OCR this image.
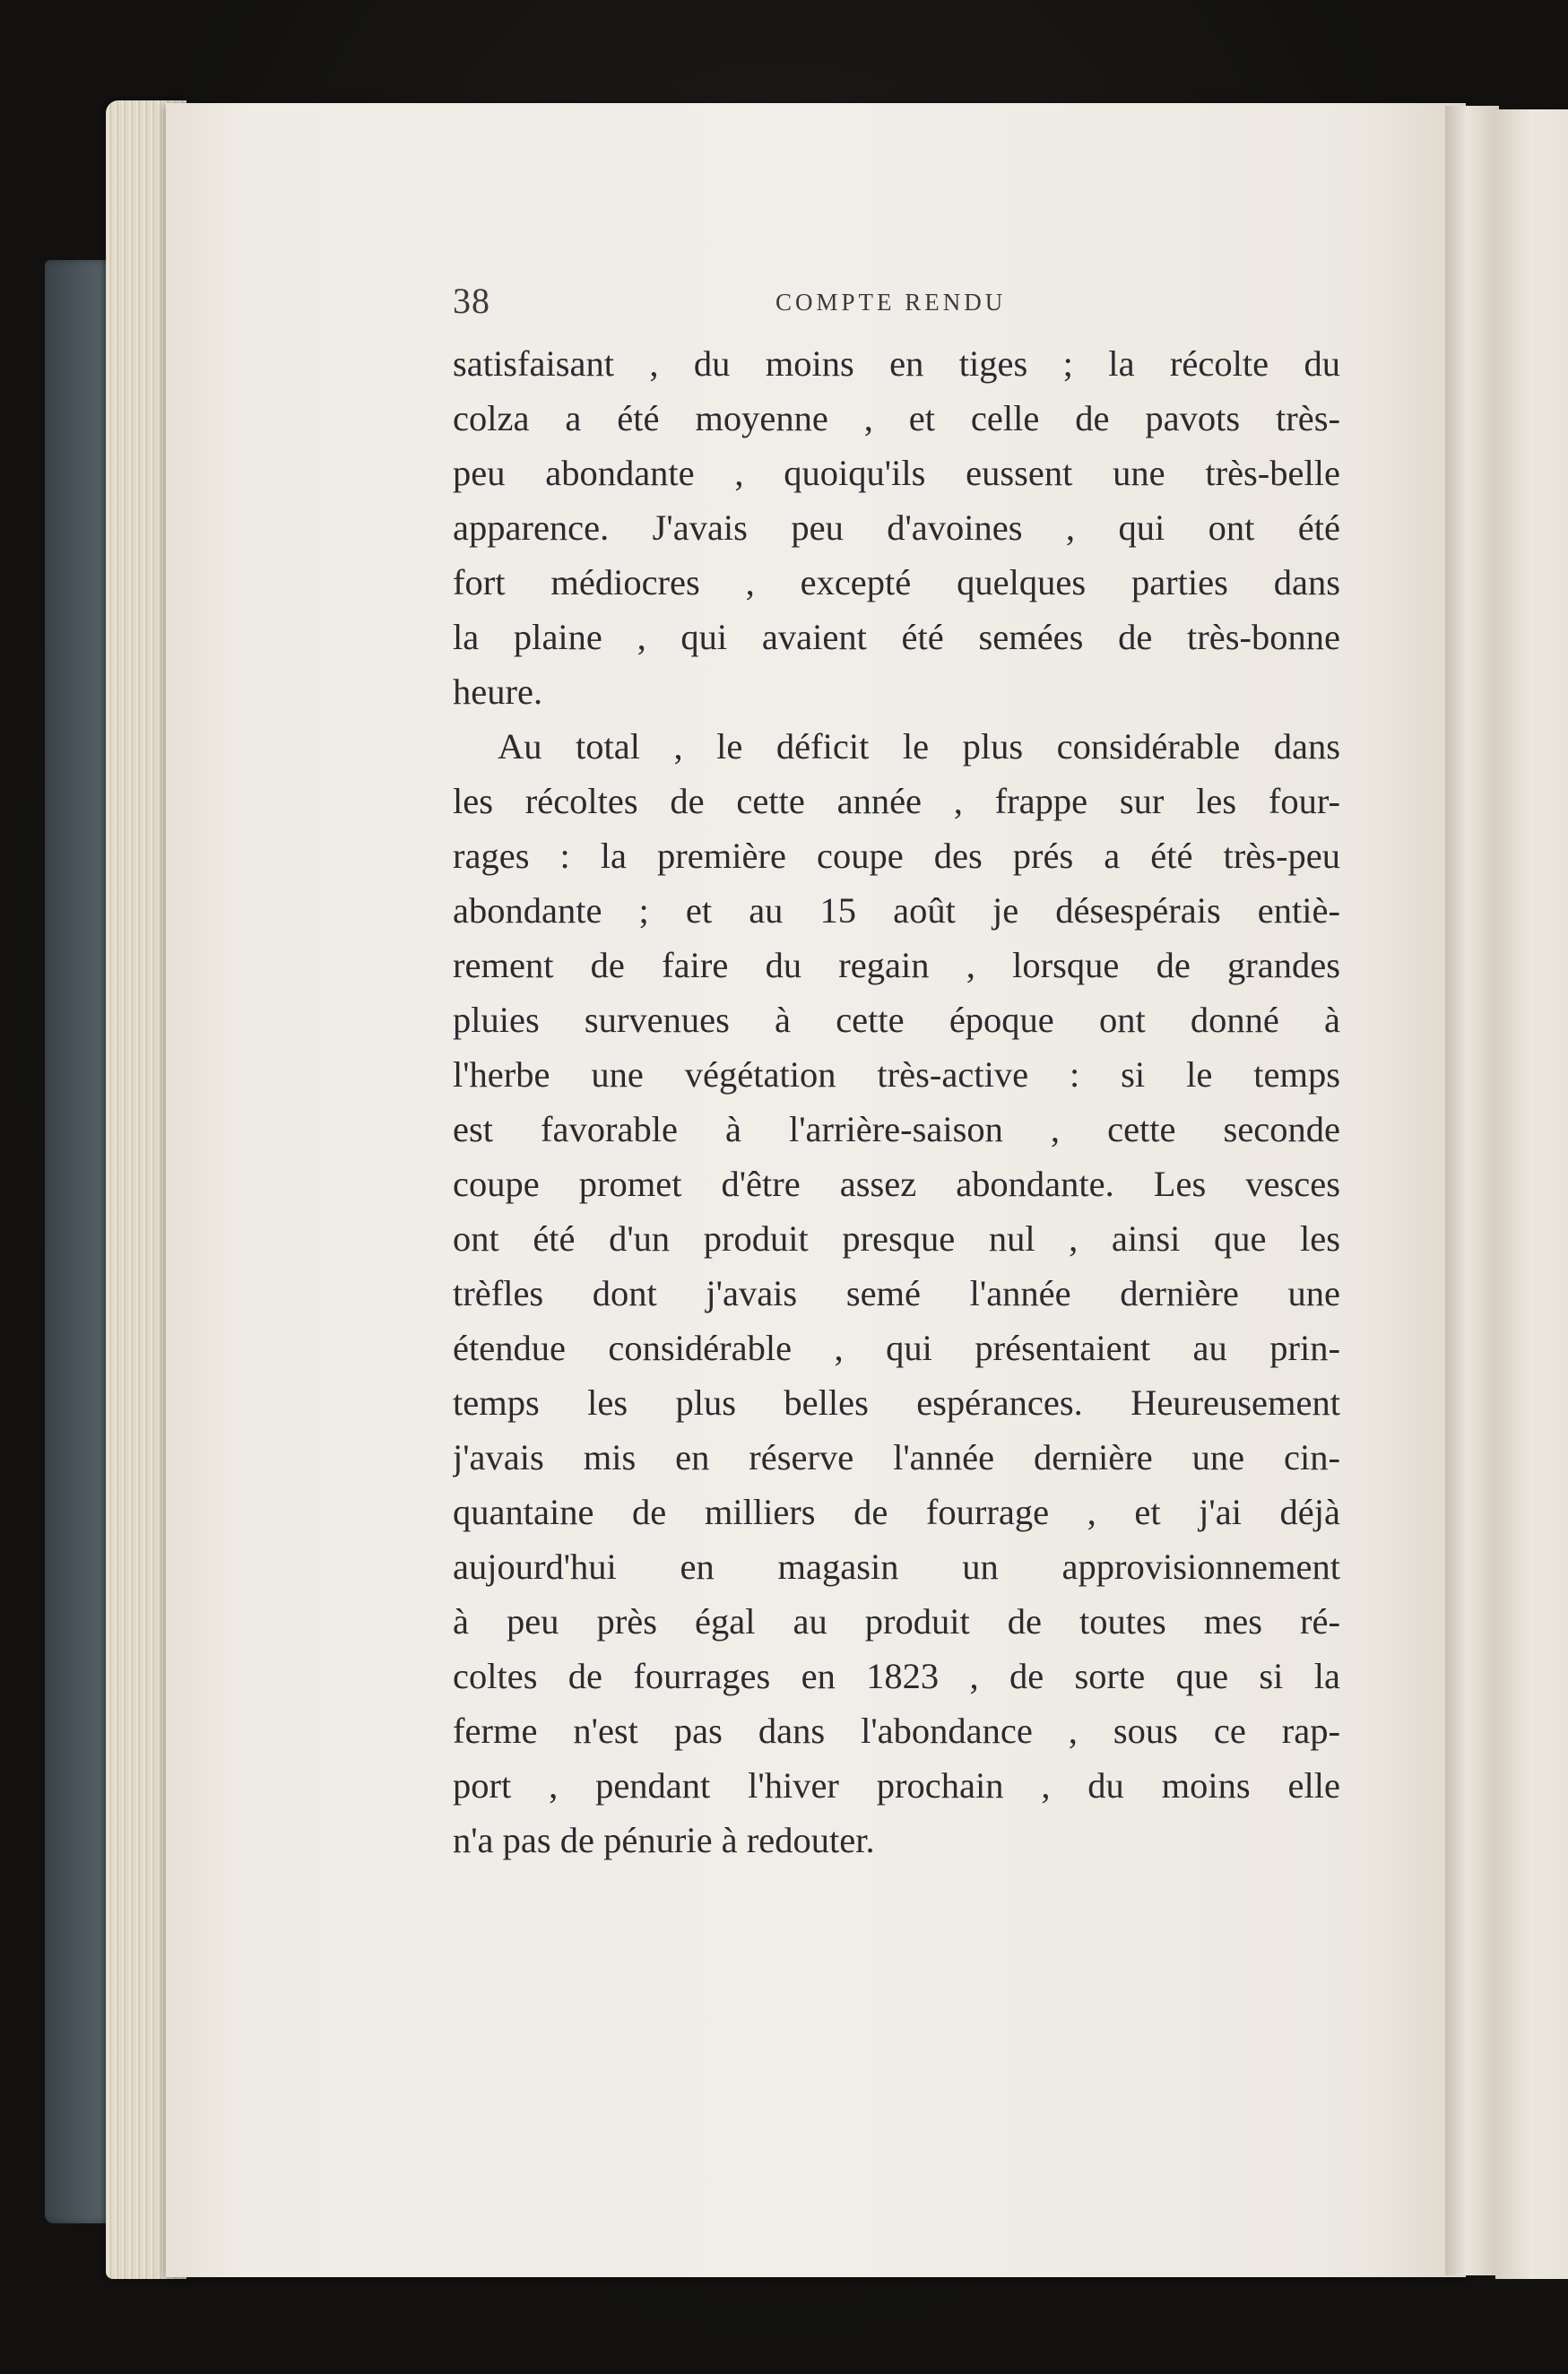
38	COMPTE RENDU
satisfaisant , du moins en tiges ; la récolte du
colza a été moyenne , et celle de pavots très-
peu abondante , quoiqu'ils eussent une très-belle
apparence. J'avais peu d'avoines , qui ont été
fort médiocres , excepté quelques parties dans
la plaine , qui avaient été semées de très-bonne
heure.
Au total , le déficit le plus considérable dans
les récoltes de cette année , frappe sur les four-
rages : la première coupe des prés a été très-peu
abondante ; et au 15 août je désespérais entiè-
rement de faire du regain , lorsque de grandes
pluies survenues à cette époque ont donné à
l'herbe une végétation très-active : si le temps
est favorable à l'arrière-saison , cette seconde
coupe promet d'être assez abondante. Les vesces
ont été d'un produit presque nul , ainsi que les
trèfles dont j'avais semé l'année dernière une
étendue considérable , qui présentaient au prin-
temps les plus belles espérances. Heureusement
j'avais mis en réserve l'année dernière une cin-
quantaine de milliers de fourrage , et j'ai déjà
aujourd'hui en magasin un approvisionnement
à peu près égal au produit de toutes mes ré-
coltes de fourrages en 1823 , de sorte que si la
ferme n'est pas dans l'abondance , sous ce rap-
port , pendant l'hiver prochain , du moins elle
n'a pas de pénurie à redouter.
